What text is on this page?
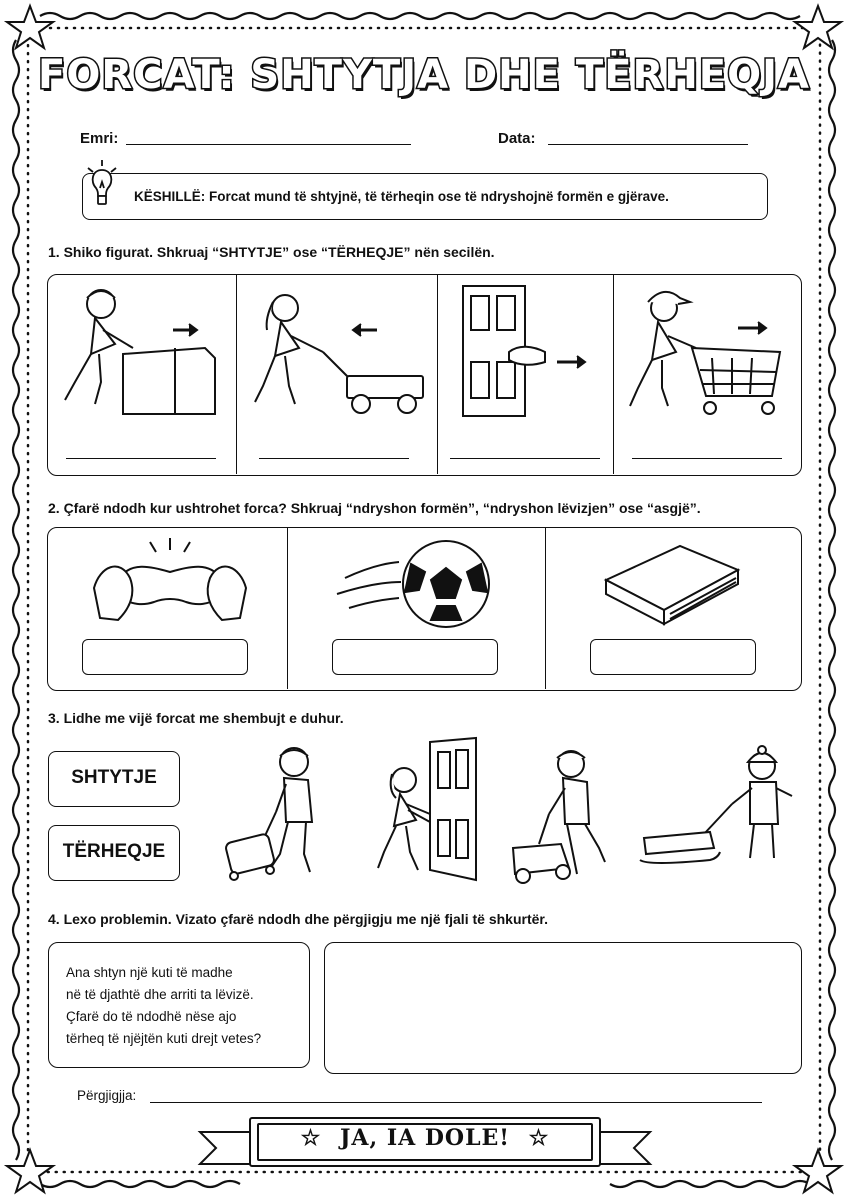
FORCAT: SHTYTJA DHE TËRHEQJA
Emri:	Data:
KËSHILLË: Forcat mund të shtyjnë, të tërheqin ose të ndryshojnë formën e gjërave.
1. Shiko figurat. Shkruaj “SHTYTJE” ose “TËRHEQJE” nën secilën.
2. Çfarë ndodh kur ushtrohet forca? Shkruaj “ndryshon formën”, “ndryshon lëvizjen” ose “asgjë”.
3. Lidhe me vijë forcat me shembujt e duhur.
SHTYTJE
TËRHEQJE
4. Lexo problemin. Vizato çfarë ndodh dhe përgjigju me një fjali të shkurtër.
Ana shtyn një kuti të madhe
në të djathtë dhe arriti ta lëvizë.
Çfarë do të ndodhë nëse ajo
tërheq të njëjtën kuti drejt vetes?
Përgjigjja:
☆ JA, IA DOLE! ☆
